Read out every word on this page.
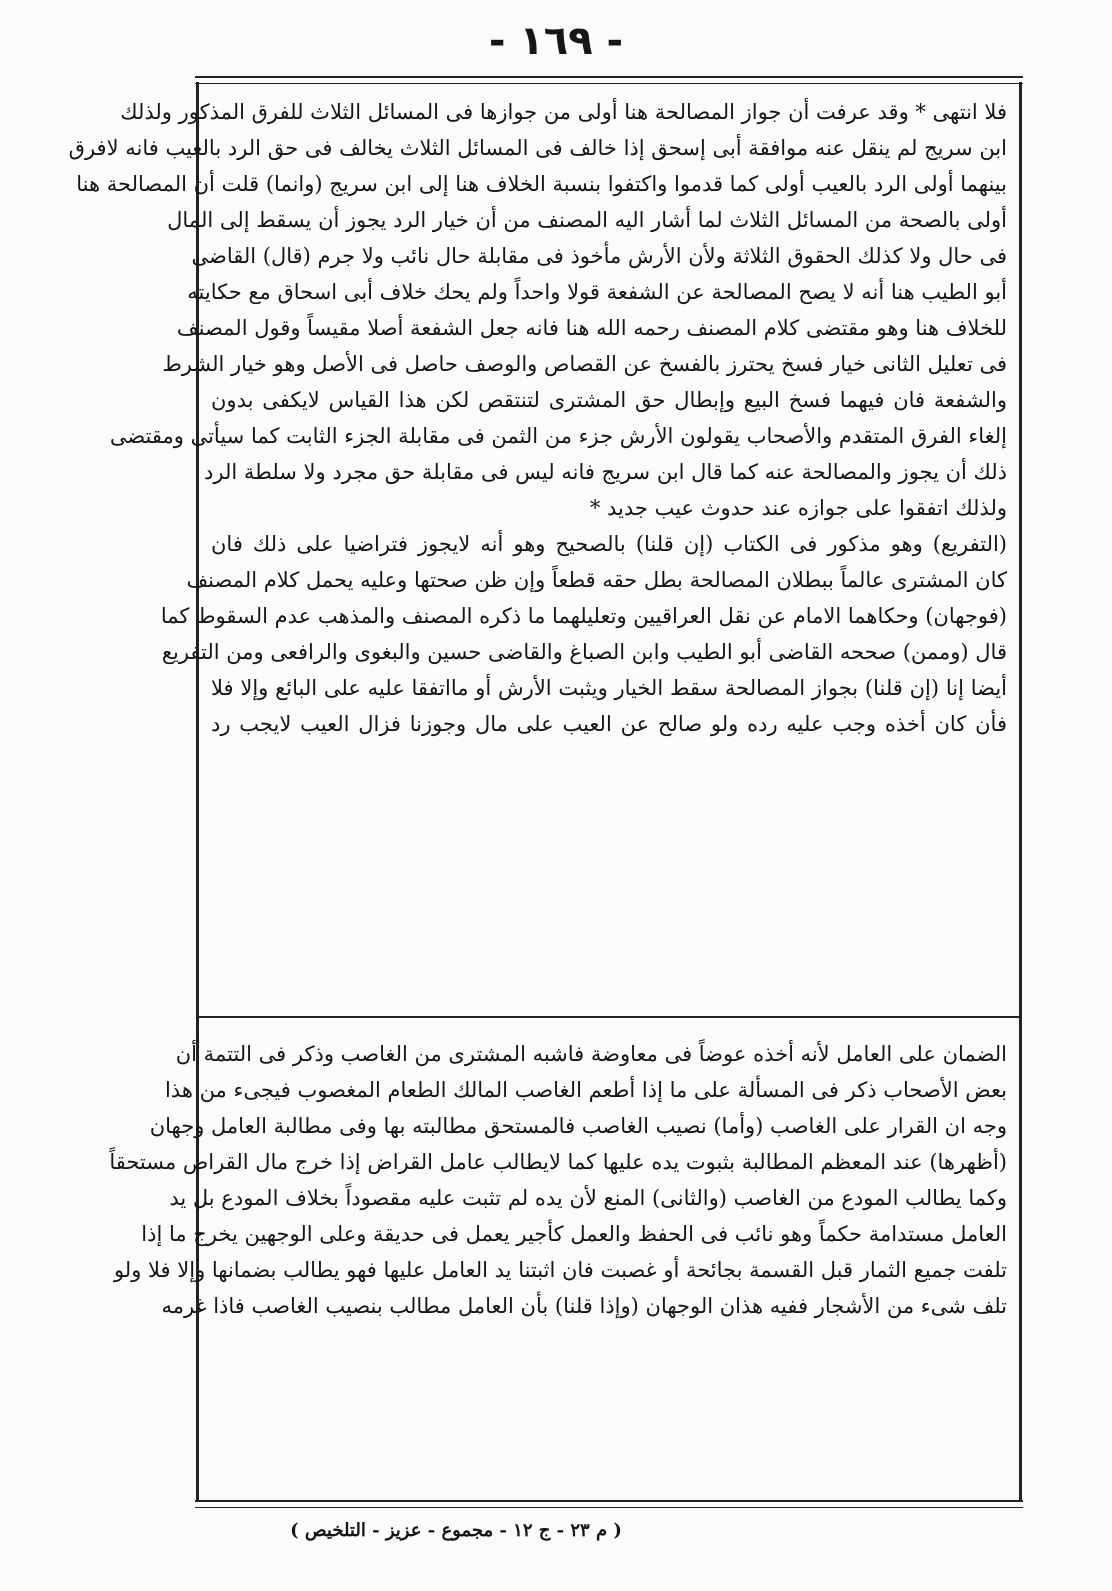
- ١٦٩ -

فلا انتهى * وقد عرفت أن جواز المصالحة هنا أولى من جوازها فى المسائل الثلاث للفرق المذكور ولذلك

ابن سريج لم ينقل عنه موافقة أبى إسحق إذا خالف فى المسائل الثلاث يخالف فى حق الرد بالعيب فانه لافرق

بينهما أولى الرد بالعيب أولى كما قدموا واكتفوا بنسبة الخلاف هنا إلى ابن سريج (وانما) قلت أن المصالحة هنا

أولى بالصحة من المسائل الثلاث لما أشار اليه المصنف من أن خيار الرد يجوز أن يسقط إلى المال

فى حال ولا كذلك الحقوق الثلاثة ولأن الأرش مأخوذ فى مقابلة حال نائب ولا جرم (قال) القاضى

أبو الطيب هنا أنه لا يصح المصالحة عن الشفعة قولا واحداً ولم يحك خلاف أبى اسحاق مع حكايته

للخلاف هنا وهو مقتضى كلام المصنف رحمه الله هنا فانه جعل الشفعة أصلا مقيساً وقول المصنف

فى تعليل الثانى خيار فسخ يحترز بالفسخ عن القصاص والوصف حاصل فى الأصل وهو خيار الشرط

والشفعة فان فيهما فسخ البيع وإبطال حق المشترى لتنتقص لكن هذا القياس لايكفى بدون

إلغاء الفرق المتقدم والأصحاب يقولون الأرش جزء من الثمن فى مقابلة الجزء الثابت كما سيأتى ومقتضى

ذلك أن يجوز والمصالحة عنه كما قال ابن سريج فانه ليس فى مقابلة حق مجرد ولا سلطة الرد

ولذلك اتفقوا على جوازه عند حدوث عيب جديد *

(التفريع) وهو مذكور فى الكتاب (إن قلنا) بالصحيح وهو أنه لايجوز فتراضيا على ذلك فان

كان المشترى عالماً ببطلان المصالحة بطل حقه قطعاً وإن ظن صحتها وعليه يحمل كلام المصنف

(فوجهان) وحكاهما الامام عن نقل العراقيين وتعليلهما ما ذكره المصنف والمذهب عدم السقوط كما

قال (وممن) صححه القاضى أبو الطيب وابن الصباغ والقاضى حسين والبغوى والرافعى ومن التفريع

أيضا إنا (إن قلنا) بجواز المصالحة سقط الخيار ويثبت الأرش أو مااتفقا عليه على البائع وإلا فلا

فأن كان أخذه وجب عليه رده ولو صالح عن العيب على مال وجوزنا فزال العيب لايجب رد

الضمان على العامل لأنه أخذه عوضاً فى معاوضة فاشبه المشترى من الغاصب وذكر فى التتمة أن

بعض الأصحاب ذكر فى المسألة على ما إذا أطعم الغاصب المالك الطعام المغصوب فيجىء من هذا

وجه ان القرار على الغاصب (وأما) نصيب الغاصب فالمستحق مطالبته بها وفى مطالبة العامل وجهان

(أظهرها) عند المعظم المطالبة بثبوت يده عليها كما لايطالب عامل القراض إذا خرج مال القراض مستحقاً

وكما يطالب المودع من الغاصب (والثانى) المنع لأن يده لم تثبت عليه مقصوداً بخلاف المودع بل يد

العامل مستدامة حكماً وهو نائب فى الحفظ والعمل كأجير يعمل فى حديقة وعلى الوجهين يخرج ما إذا

تلفت جميع الثمار قبل القسمة بجائحة أو غصبت فان اثبتنا يد العامل عليها فهو يطالب بضمانها وإلا فلا ولو

تلف شىء من الأشجار ففيه هذان الوجهان (وإذا قلنا) بأن العامل مطالب بنصيب الغاصب فاذا غرمه

( م ٢٣ - ج ١٢ - مجموع - عزيز - التلخيص )
